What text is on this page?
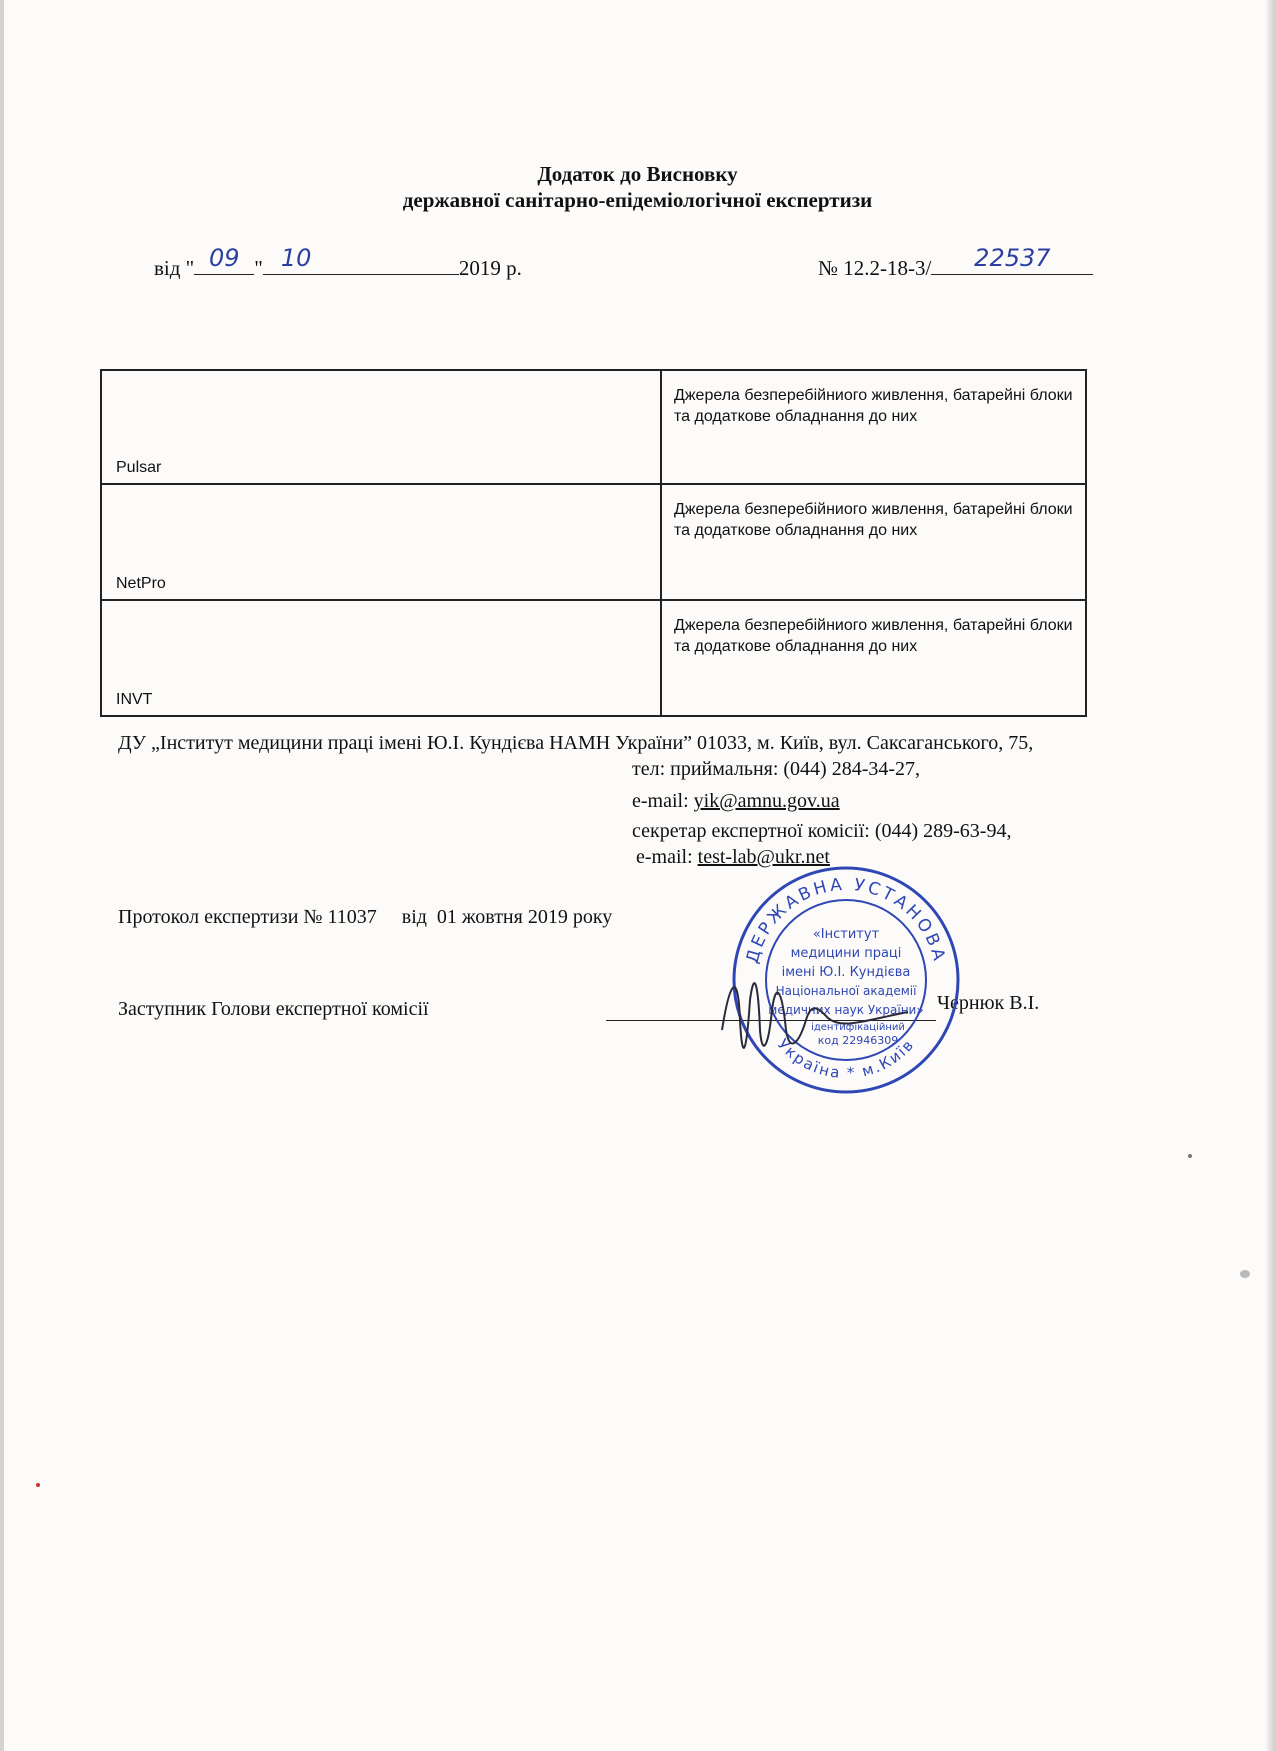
Додаток до Висновку
державної санітарно-епідеміологічної експертизи
від " 09 " 10	2019 р.	№ 12.2-18-3/	22537
Pulsar	Джерела безперебійниого живлення, батарейні блоки та додаткове обладнання до них
NetPro	Джерела безперебійниого живлення, батарейні блоки та додаткове обладнання до них
INVT	Джерела безперебійниого живлення, батарейні блоки та додаткове обладнання до них
ДУ „Інститут медицини праці імені Ю.І. Кундієва НАМН України” 01033, м. Київ, вул. Саксаганського, 75,
тел: приймальня: (044) 284-34-27,
e-mail: yik@amnu.gov.ua
секретар експертної комісії: (044) 289-63-94,
e-mail: test-lab@ukr.net
Протокол експертизи № 11037     від  01 жовтня 2019 року
Заступник Голови експертної комісії	Чернюк В.І.
ДЕРЖАВНА УСТАНОВА
Україна * м.Київ
«Інститут
медицини праці
імені Ю.І. Кундієва
Національної академії
медичних наук України»
ідентифікаційний
код 22946309
